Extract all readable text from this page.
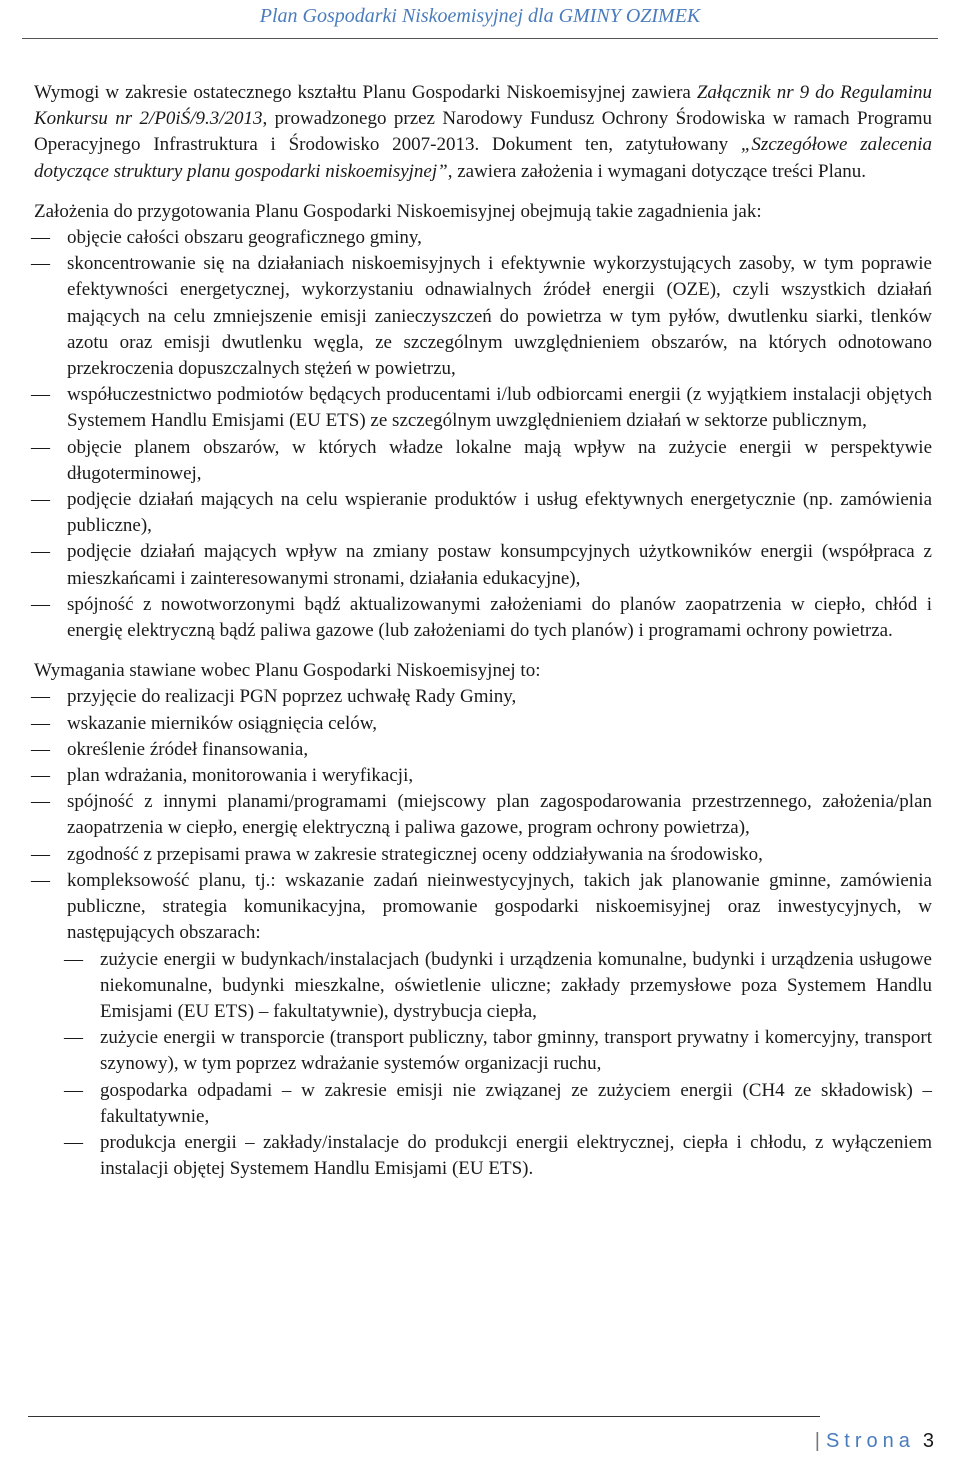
Plan Gospodarki Niskoemisyjnej dla GMINY OZIMEK

Wymogi w zakresie ostatecznego kształtu Planu Gospodarki Niskoemisyjnej zawiera Załącznik nr 9 do Regulaminu Konkursu nr 2/P0iŚ/9.3/2013, prowadzonego przez Narodowy Fundusz Ochrony Środowiska w ramach Programu Operacyjnego Infrastruktura i Środowisko 2007-2013. Dokument ten, zatytułowany „Szczegółowe zalecenia dotyczące struktury planu gospodarki niskoemisyjnej”, zawiera założenia i wymagani dotyczące treści Planu.

Założenia do przygotowania Planu Gospodarki Niskoemisyjnej obejmują takie zagadnienia jak:

— objęcie całości obszaru geograficznego gminy,
— skoncentrowanie się na działaniach niskoemisyjnych i efektywnie wykorzystujących zasoby, w tym poprawie efektywności energetycznej, wykorzystaniu odnawialnych źródeł energii (OZE), czyli wszystkich działań mających na celu zmniejszenie emisji zanieczyszczeń do powietrza w tym pyłów, dwutlenku siarki, tlenków azotu oraz emisji dwutlenku węgla, ze szczególnym uwzględnieniem obszarów, na których odnotowano przekroczenia dopuszczalnych stężeń w powietrzu,
— współuczestnictwo podmiotów będących producentami i/lub odbiorcami energii (z wyjątkiem instalacji objętych Systemem Handlu Emisjami (EU ETS) ze szczególnym uwzględnieniem działań w sektorze publicznym,
— objęcie planem obszarów, w których władze lokalne mają wpływ na zużycie energii w perspektywie długoterminowej,
— podjęcie działań mających na celu wspieranie produktów i usług efektywnych energetycznie (np. zamówienia publiczne),
— podjęcie działań mających wpływ na zmiany postaw konsumpcyjnych użytkowników energii (współpraca z mieszkańcami i zainteresowanymi stronami, działania edukacyjne),
— spójność z nowotworzonymi bądź aktualizowanymi założeniami do planów zaopatrzenia w ciepło, chłód i energię elektryczną bądź paliwa gazowe (lub założeniami do tych planów) i programami ochrony powietrza.

Wymagania stawiane wobec Planu Gospodarki Niskoemisyjnej to:

— przyjęcie do realizacji PGN poprzez uchwałę Rady Gminy,
— wskazanie mierników osiągnięcia celów,
— określenie źródeł finansowania,
— plan wdrażania, monitorowania i weryfikacji,
— spójność z innymi planami/programami (miejscowy plan zagospodarowania przestrzennego, założenia/plan zaopatrzenia w ciepło, energię elektryczną i paliwa gazowe, program ochrony powietrza),
— zgodność z przepisami prawa w zakresie strategicznej oceny oddziaływania na środowisko,
— kompleksowość planu, tj.: wskazanie zadań nieinwestycyjnych, takich jak planowanie gminne, zamówienia publiczne, strategia komunikacyjna, promowanie gospodarki niskoemisyjnej oraz inwestycyjnych, w następujących obszarach:
— zużycie energii w budynkach/instalacjach (budynki i urządzenia komunalne, budynki i urządzenia usługowe niekomunalne, budynki mieszkalne, oświetlenie uliczne; zakłady przemysłowe poza Systemem Handlu Emisjami (EU ETS) – fakultatywnie), dystrybucja ciepła,
— zużycie energii w transporcie (transport publiczny, tabor gminny, transport prywatny i komercyjny, transport szynowy), w tym poprzez wdrażanie systemów organizacji ruchu,
— gospodarka odpadami – w zakresie emisji nie związanej ze zużyciem energii (CH4 ze składowisk) – fakultatywnie,
— produkcja energii – zakłady/instalacje do produkcji energii elektrycznej, ciepła i chłodu, z wyłączeniem instalacji objętej Systemem Handlu Emisjami (EU ETS).
| Strona 3
